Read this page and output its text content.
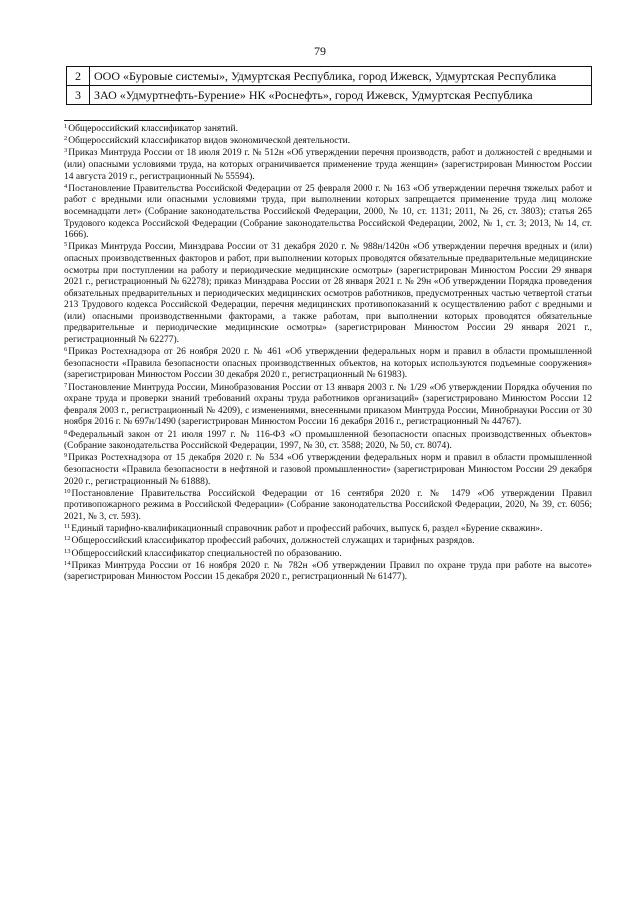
79
2	ООО «Буровые системы», Удмуртская Республика, город Ижевск, Удмуртская Республика
3	ЗАО «Удмуртнефть-Бурение» НК «Роснефть», город Ижевск, Удмуртская Республика

$^1$Общероссийский классификатор занятий.

$^2$Общероссийский классификатор видов экономической деятельности.

$^3$Приказ Минтруда России от 18 июля 2019 г. № 512н «Об утверждении перечня производств, работ и должностей с вредными и (или) опасными условиями труда, на которых ограничивается применение труда женщин» (зарегистрирован Минюстом России 14 августа 2019 г., регистрационный № 55594).

$^4$Постановление Правительства Российской Федерации от 25 февраля 2000 г. № 163 «Об утверждении перечня тяжелых работ и работ с вредными или опасными условиями труда, при выполнении которых запрещается применение труда лиц моложе восемнадцати лет» (Собрание законодательства Российской Федерации, 2000, № 10, ст. 1131; 2011, № 26, ст. 3803); статья 265 Трудового кодекса Российской Федерации (Собрание законодательства Российской Федерации, 2002, № 1, ст. 3; 2013, № 14, ст. 1666).

$^5$Приказ Минтруда России, Минздрава России от 31 декабря 2020 г. № 988н/1420н «Об утверждении перечня вредных и (или) опасных производственных факторов и работ, при выполнении которых проводятся обязательные предварительные медицинские осмотры при поступлении на работу и периодические медицинские осмотры» (зарегистрирован Минюстом России 29 января 2021 г., регистрационный № 62278); приказ Минздрава России от 28 января 2021 г. № 29н «Об утверждении Порядка проведения обязательных предварительных и периодических медицинских осмотров работников, предусмотренных частью четвертой статьи 213 Трудового кодекса Российской Федерации, перечня медицинских противопоказаний к осуществлению работ с вредными и (или) опасными производственными факторами, а также работам, при выполнении которых проводятся обязательные предварительные и периодические медицинские осмотры» (зарегистрирован Минюстом России 29 января 2021 г., регистрационный № 62277).

$^6$Приказ Ростехнадзора от 26 ноября 2020 г. № 461 «Об утверждении федеральных норм и правил в области промышленной безопасности «Правила безопасности опасных производственных объектов, на которых используются подъемные сооружения» (зарегистрирован Минюстом России 30 декабря 2020 г., регистрационный № 61983).

$^7$Постановление Минтруда России, Минобразования России от 13 января 2003 г. № 1/29 «Об утверждении Порядка обучения по охране труда и проверки знаний требований охраны труда работников организаций» (зарегистрировано Минюстом России 12 февраля 2003 г., регистрационный № 4209), с изменениями, внесенными приказом Минтруда России, Минобрнауки России от 30 ноября 2016 г. № 697н/1490 (зарегистрирован Минюстом России 16 декабря 2016 г., регистрационный № 44767).

$^8$Федеральный закон от 21 июля 1997 г. № 116-ФЗ «О промышленной безопасности опасных производственных объектов» (Собрание законодательства Российской Федерации, 1997, № 30, ст. 3588; 2020, № 50, ст. 8074).

$^9$Приказ Ростехнадзора от 15 декабря 2020 г. № 534 «Об утверждении федеральных норм и правил в области промышленной безопасности «Правила безопасности в нефтяной и газовой промышленности» (зарегистрирован Минюстом России 29 декабря 2020 г., регистрационный № 61888).

$^{10}$Постановление Правительства Российской Федерации от 16 сентября 2020 г. № 1479 «Об утверждении Правил противопожарного режима в Российской Федерации» (Собрание законодательства Российской Федерации, 2020, № 39, ст. 6056; 2021, № 3, ст. 593).

$^{11}$Единый тарифно-квалификационный справочник работ и профессий рабочих, выпуск 6, раздел «Бурение скважин».

$^{12}$Общероссийский классификатор профессий рабочих, должностей служащих и тарифных разрядов.

$^{13}$Общероссийский классификатор специальностей по образованию.

$^{14}$Приказ Минтруда России от 16 ноября 2020 г. № 782н «Об утверждении Правил по охране труда при работе на высоте» (зарегистрирован Минюстом России 15 декабря 2020 г., регистрационный № 61477).
